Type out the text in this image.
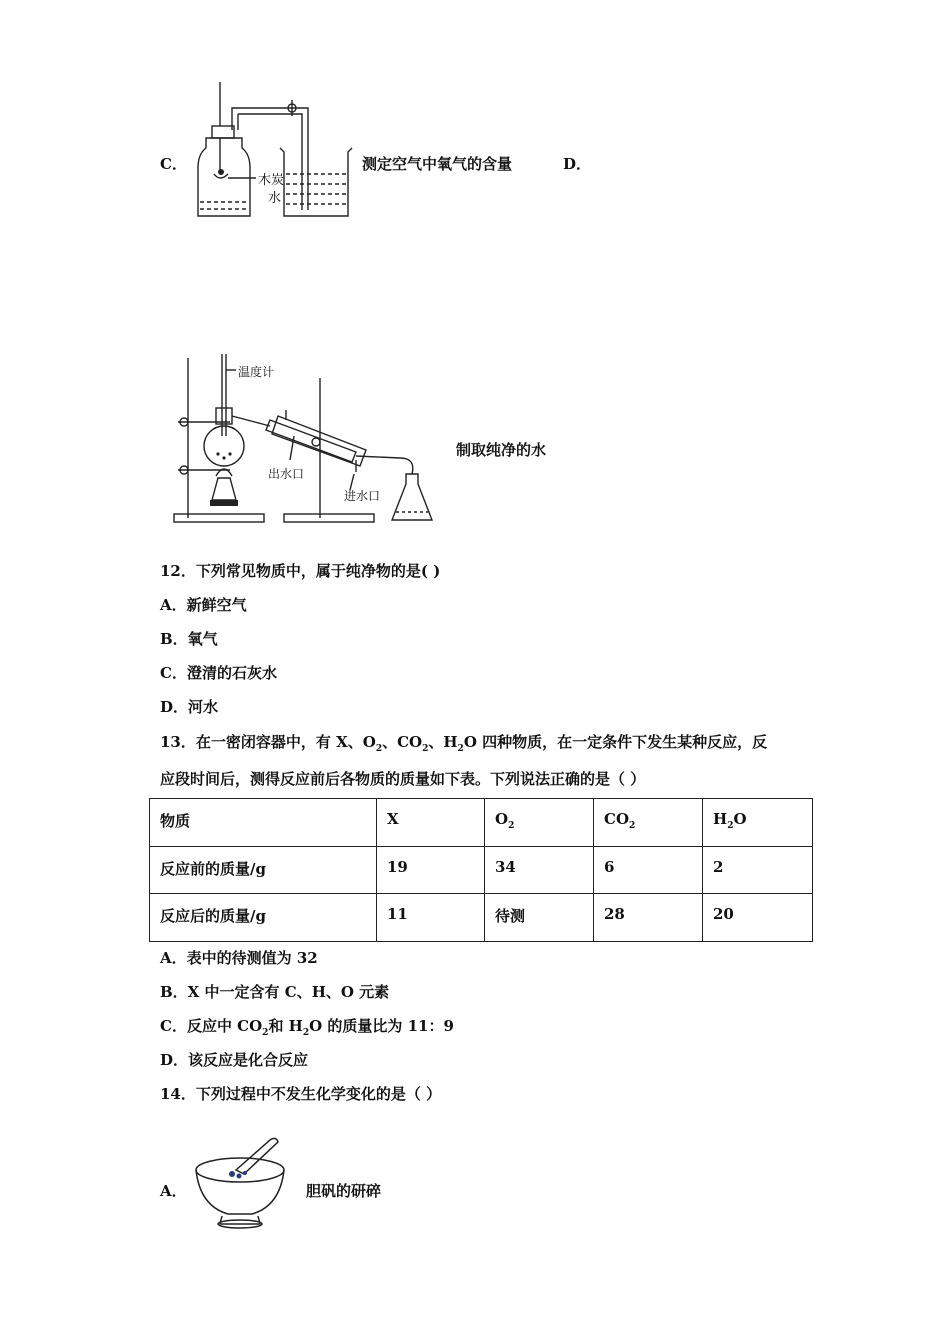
C．
木炭
水
测定空气中氧气的含量	D．
温度计
出水口
进水口
制取纯净的水
12．下列常见物质中，属于纯净物的是( )
A．新鲜空气
B．氧气
C．澄清的石灰水
D．河水
13．在一密闭容器中，有 X、$O_2$、$CO_2$、$H_2O$ 四种物质，在一定条件下发生某种反应，反
应段时间后，测得反应前后各物质的质量如下表。下列说法正确的是（ ）
物质	X	$O_2$	$CO_2$	$H_2O$
反应前的质量/g	19	34	6	2
反应后的质量/g	11	待测	28	20
A．表中的待测值为 32
B．X 中一定含有 C、H、O 元素
C．反应中 $CO_2$和 $H_2O$ 的质量比为 11：9
D．该反应是化合反应
14．下列过程中不发生化学变化的是（ ）
A．	胆矾的研碎
